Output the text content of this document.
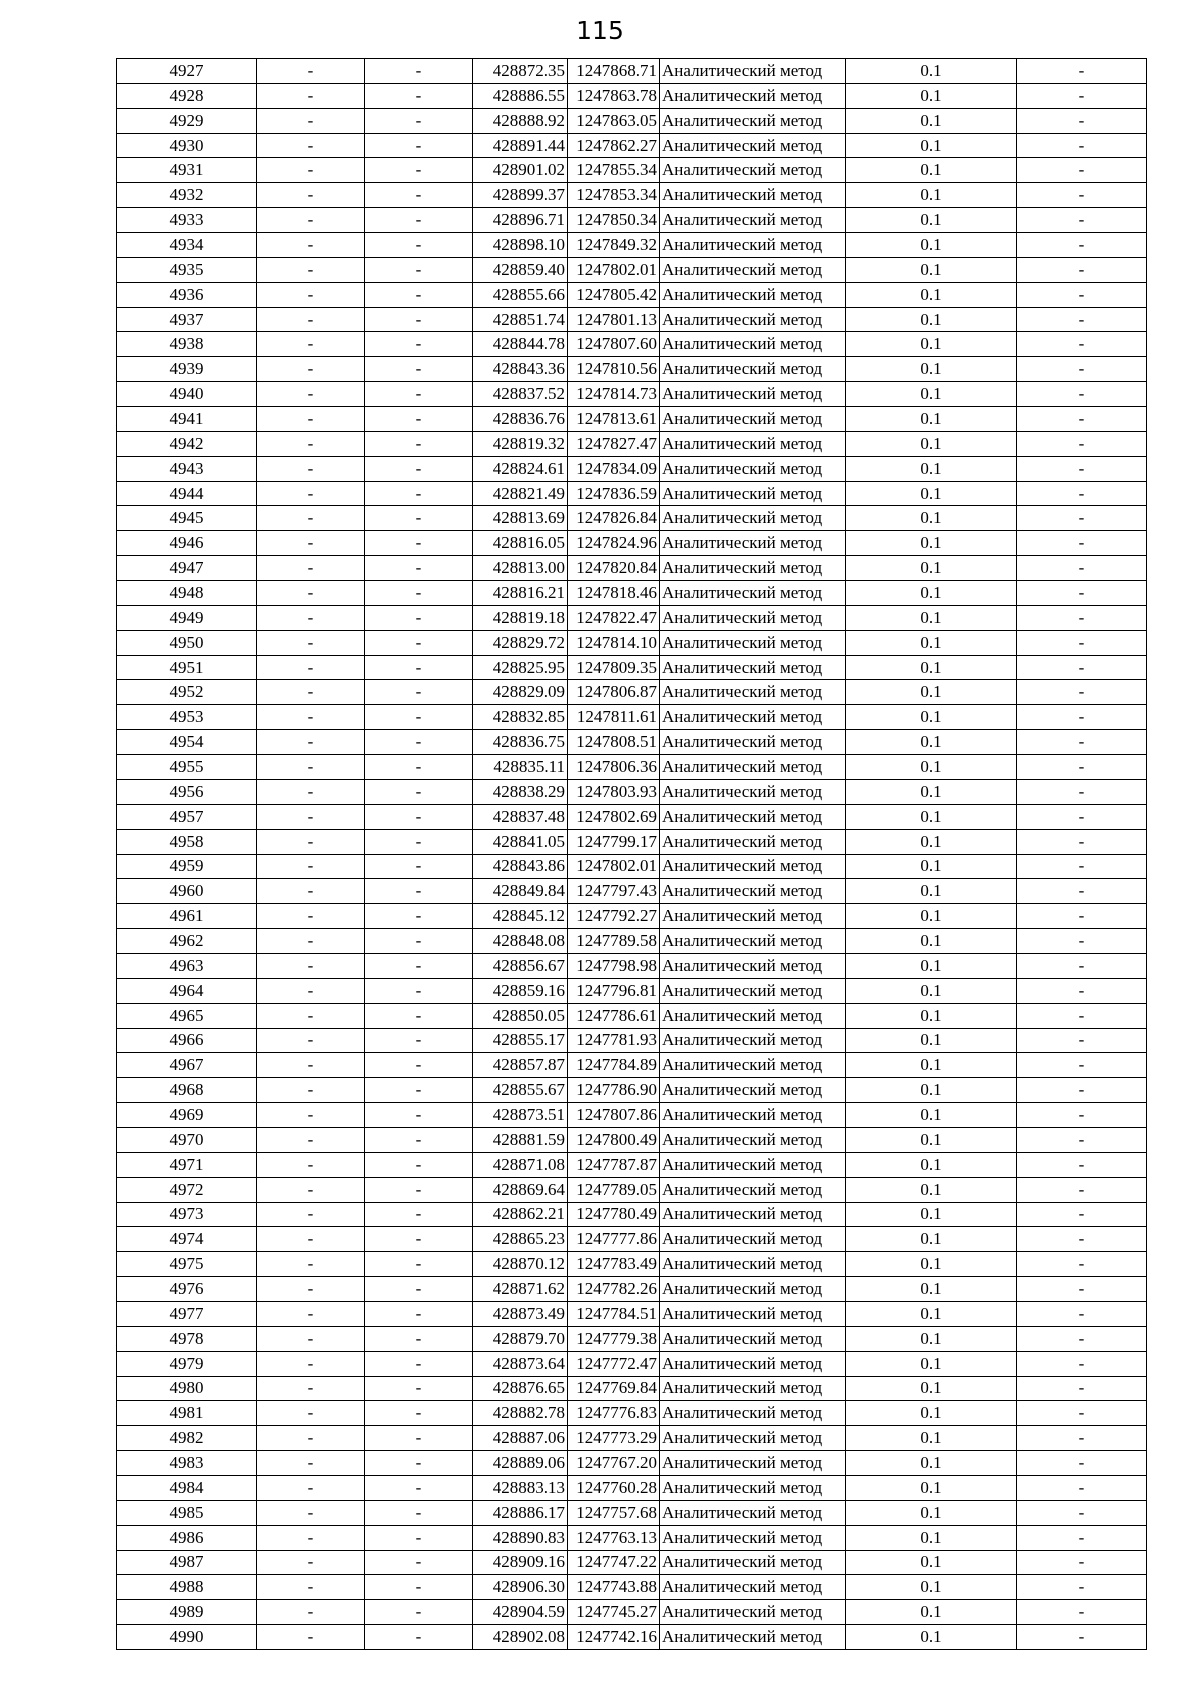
115
4927	-	-	428872.35	1247868.71	Аналитический метод	0.1	-
4928	-	-	428886.55	1247863.78	Аналитический метод	0.1	-
4929	-	-	428888.92	1247863.05	Аналитический метод	0.1	-
4930	-	-	428891.44	1247862.27	Аналитический метод	0.1	-
4931	-	-	428901.02	1247855.34	Аналитический метод	0.1	-
4932	-	-	428899.37	1247853.34	Аналитический метод	0.1	-
4933	-	-	428896.71	1247850.34	Аналитический метод	0.1	-
4934	-	-	428898.10	1247849.32	Аналитический метод	0.1	-
4935	-	-	428859.40	1247802.01	Аналитический метод	0.1	-
4936	-	-	428855.66	1247805.42	Аналитический метод	0.1	-
4937	-	-	428851.74	1247801.13	Аналитический метод	0.1	-
4938	-	-	428844.78	1247807.60	Аналитический метод	0.1	-
4939	-	-	428843.36	1247810.56	Аналитический метод	0.1	-
4940	-	-	428837.52	1247814.73	Аналитический метод	0.1	-
4941	-	-	428836.76	1247813.61	Аналитический метод	0.1	-
4942	-	-	428819.32	1247827.47	Аналитический метод	0.1	-
4943	-	-	428824.61	1247834.09	Аналитический метод	0.1	-
4944	-	-	428821.49	1247836.59	Аналитический метод	0.1	-
4945	-	-	428813.69	1247826.84	Аналитический метод	0.1	-
4946	-	-	428816.05	1247824.96	Аналитический метод	0.1	-
4947	-	-	428813.00	1247820.84	Аналитический метод	0.1	-
4948	-	-	428816.21	1247818.46	Аналитический метод	0.1	-
4949	-	-	428819.18	1247822.47	Аналитический метод	0.1	-
4950	-	-	428829.72	1247814.10	Аналитический метод	0.1	-
4951	-	-	428825.95	1247809.35	Аналитический метод	0.1	-
4952	-	-	428829.09	1247806.87	Аналитический метод	0.1	-
4953	-	-	428832.85	1247811.61	Аналитический метод	0.1	-
4954	-	-	428836.75	1247808.51	Аналитический метод	0.1	-
4955	-	-	428835.11	1247806.36	Аналитический метод	0.1	-
4956	-	-	428838.29	1247803.93	Аналитический метод	0.1	-
4957	-	-	428837.48	1247802.69	Аналитический метод	0.1	-
4958	-	-	428841.05	1247799.17	Аналитический метод	0.1	-
4959	-	-	428843.86	1247802.01	Аналитический метод	0.1	-
4960	-	-	428849.84	1247797.43	Аналитический метод	0.1	-
4961	-	-	428845.12	1247792.27	Аналитический метод	0.1	-
4962	-	-	428848.08	1247789.58	Аналитический метод	0.1	-
4963	-	-	428856.67	1247798.98	Аналитический метод	0.1	-
4964	-	-	428859.16	1247796.81	Аналитический метод	0.1	-
4965	-	-	428850.05	1247786.61	Аналитический метод	0.1	-
4966	-	-	428855.17	1247781.93	Аналитический метод	0.1	-
4967	-	-	428857.87	1247784.89	Аналитический метод	0.1	-
4968	-	-	428855.67	1247786.90	Аналитический метод	0.1	-
4969	-	-	428873.51	1247807.86	Аналитический метод	0.1	-
4970	-	-	428881.59	1247800.49	Аналитический метод	0.1	-
4971	-	-	428871.08	1247787.87	Аналитический метод	0.1	-
4972	-	-	428869.64	1247789.05	Аналитический метод	0.1	-
4973	-	-	428862.21	1247780.49	Аналитический метод	0.1	-
4974	-	-	428865.23	1247777.86	Аналитический метод	0.1	-
4975	-	-	428870.12	1247783.49	Аналитический метод	0.1	-
4976	-	-	428871.62	1247782.26	Аналитический метод	0.1	-
4977	-	-	428873.49	1247784.51	Аналитический метод	0.1	-
4978	-	-	428879.70	1247779.38	Аналитический метод	0.1	-
4979	-	-	428873.64	1247772.47	Аналитический метод	0.1	-
4980	-	-	428876.65	1247769.84	Аналитический метод	0.1	-
4981	-	-	428882.78	1247776.83	Аналитический метод	0.1	-
4982	-	-	428887.06	1247773.29	Аналитический метод	0.1	-
4983	-	-	428889.06	1247767.20	Аналитический метод	0.1	-
4984	-	-	428883.13	1247760.28	Аналитический метод	0.1	-
4985	-	-	428886.17	1247757.68	Аналитический метод	0.1	-
4986	-	-	428890.83	1247763.13	Аналитический метод	0.1	-
4987	-	-	428909.16	1247747.22	Аналитический метод	0.1	-
4988	-	-	428906.30	1247743.88	Аналитический метод	0.1	-
4989	-	-	428904.59	1247745.27	Аналитический метод	0.1	-
4990	-	-	428902.08	1247742.16	Аналитический метод	0.1	-
